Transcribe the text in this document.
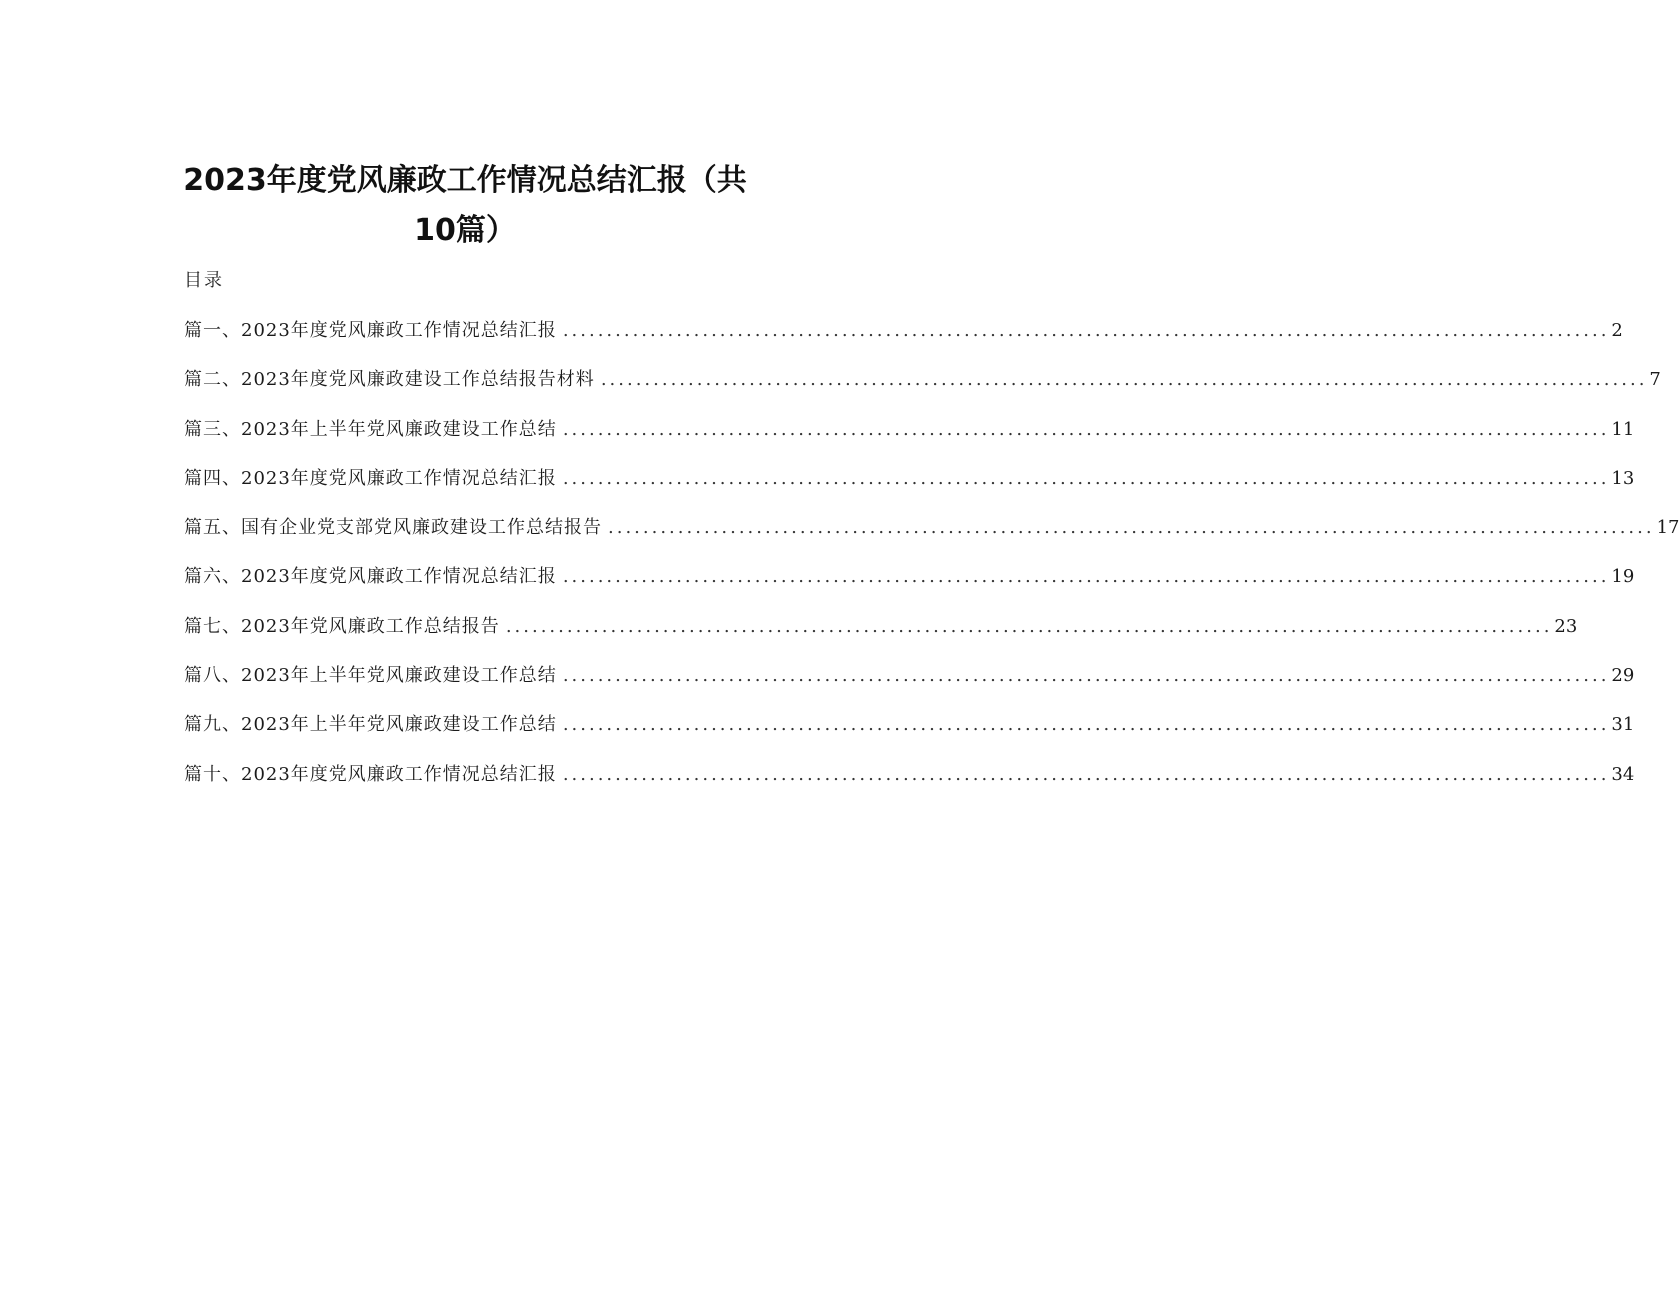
2023年度党风廉政工作情况总结汇报（共
10篇）
目录
篇一、2023年度党风廉政工作情况总结汇报 ........................................................................................................................ 2
篇二、2023年度党风廉政建设工作总结报告材料 ........................................................................................................................ 7
篇三、2023年上半年党风廉政建设工作总结 ........................................................................................................................ 11
篇四、2023年度党风廉政工作情况总结汇报 ........................................................................................................................ 13
篇五、国有企业党支部党风廉政建设工作总结报告 ........................................................................................................................ 17
篇六、2023年度党风廉政工作情况总结汇报 ........................................................................................................................ 19
篇七、2023年党风廉政工作总结报告 ........................................................................................................................ 23
篇八、2023年上半年党风廉政建设工作总结 ........................................................................................................................ 29
篇九、2023年上半年党风廉政建设工作总结 ........................................................................................................................ 31
篇十、2023年度党风廉政工作情况总结汇报 ........................................................................................................................ 34
